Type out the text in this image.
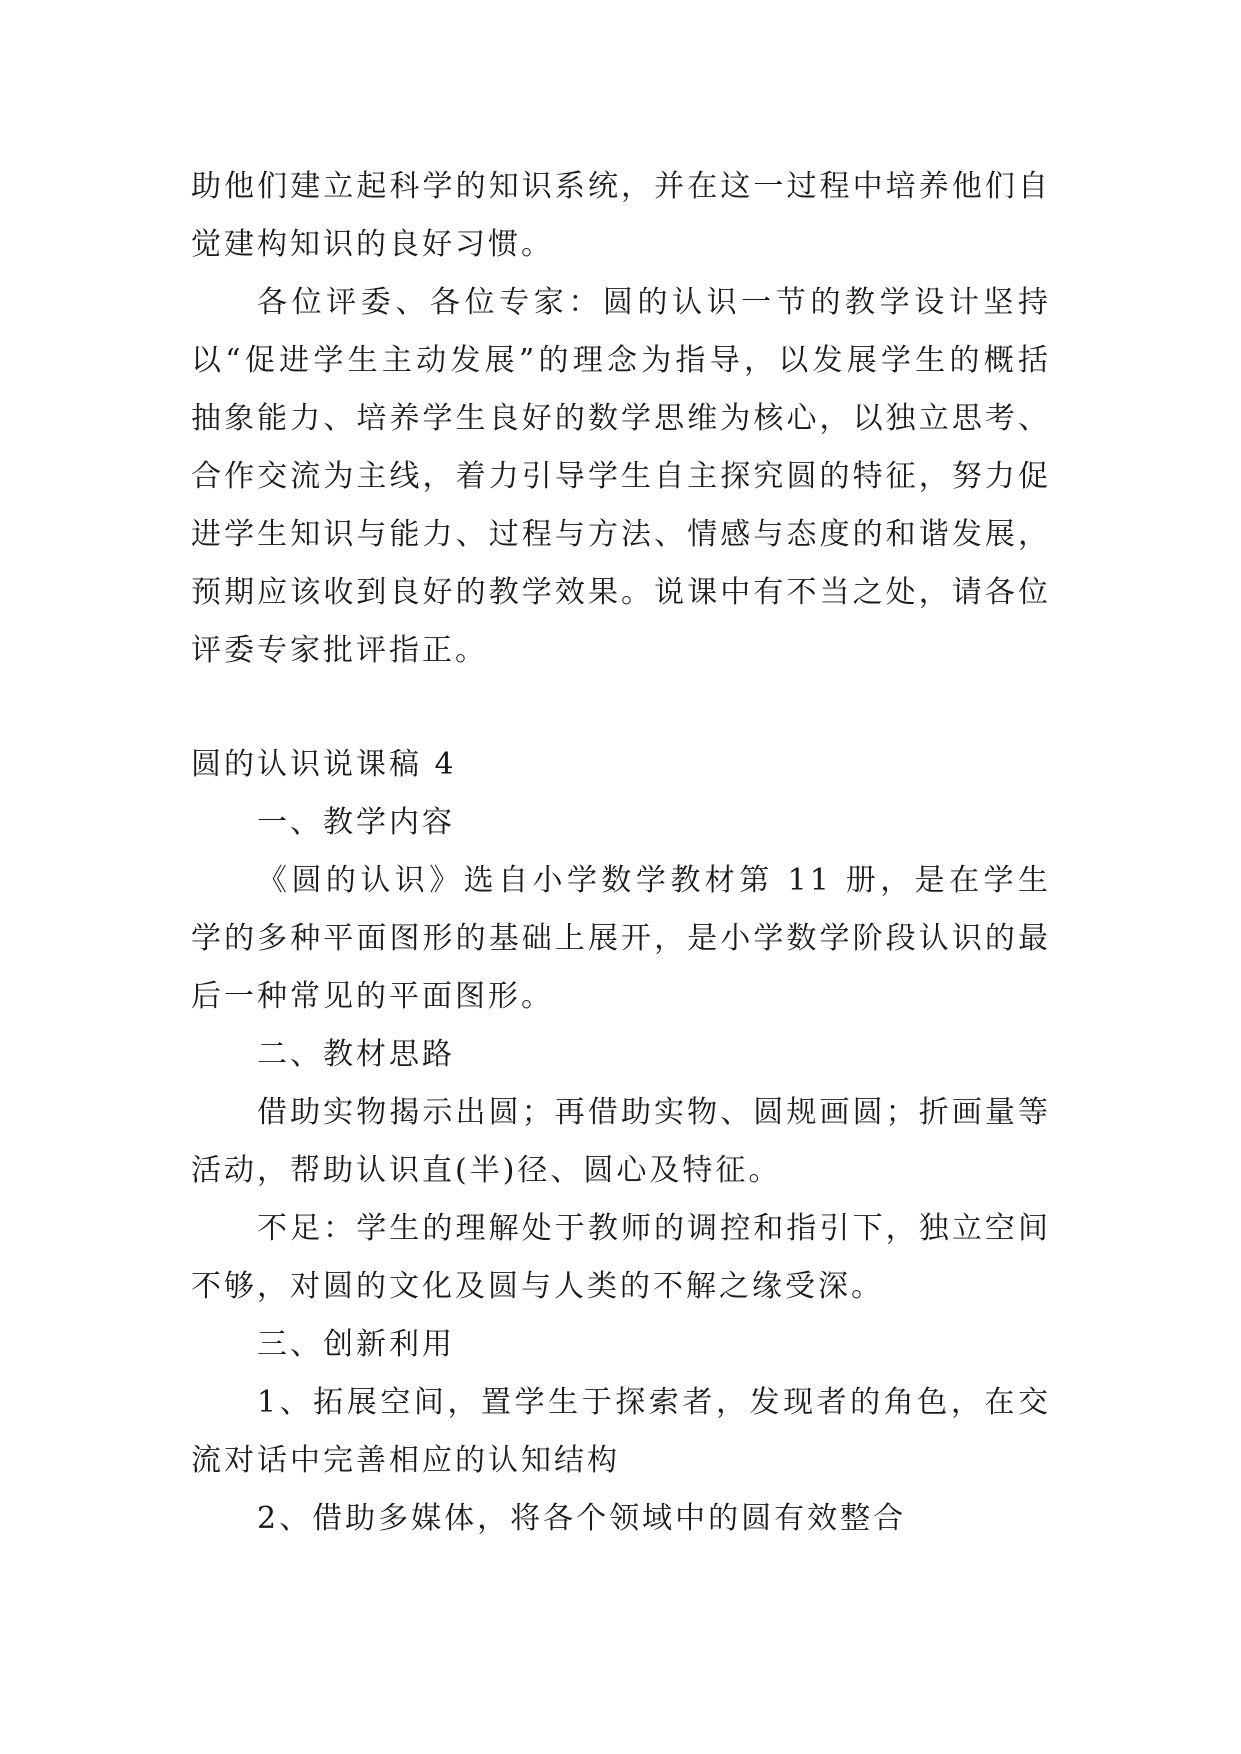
助他们建立起科学的知识系统，并在这一过程中培养他们自觉建构知识的良好习惯。

各位评委、各位专家：圆的认识一节的教学设计坚持以“促进学生主动发展”的理念为指导，以发展学生的概括抽象能力、培养学生良好的数学思维为核心，以独立思考、合作交流为主线，着力引导学生自主探究圆的特征，努力促进学生知识与能力、过程与方法、情感与态度的和谐发展，预期应该收到良好的教学效果。说课中有不当之处，请各位评委专家批评指正。

圆的认识说课稿 4

一、教学内容

《圆的认识》选自小学数学教材第 11 册，是在学生学的多种平面图形的基础上展开，是小学数学阶段认识的最后一种常见的平面图形。

二、教材思路

借助实物揭示出圆；再借助实物、圆规画圆；折画量等活动，帮助认识直(半)径、圆心及特征。

不足：学生的理解处于教师的调控和指引下，独立空间不够，对圆的文化及圆与人类的不解之缘受深。

三、创新利用

1、拓展空间，置学生于探索者，发现者的角色，在交流对话中完善相应的认知结构

2、借助多媒体，将各个领域中的圆有效整合
